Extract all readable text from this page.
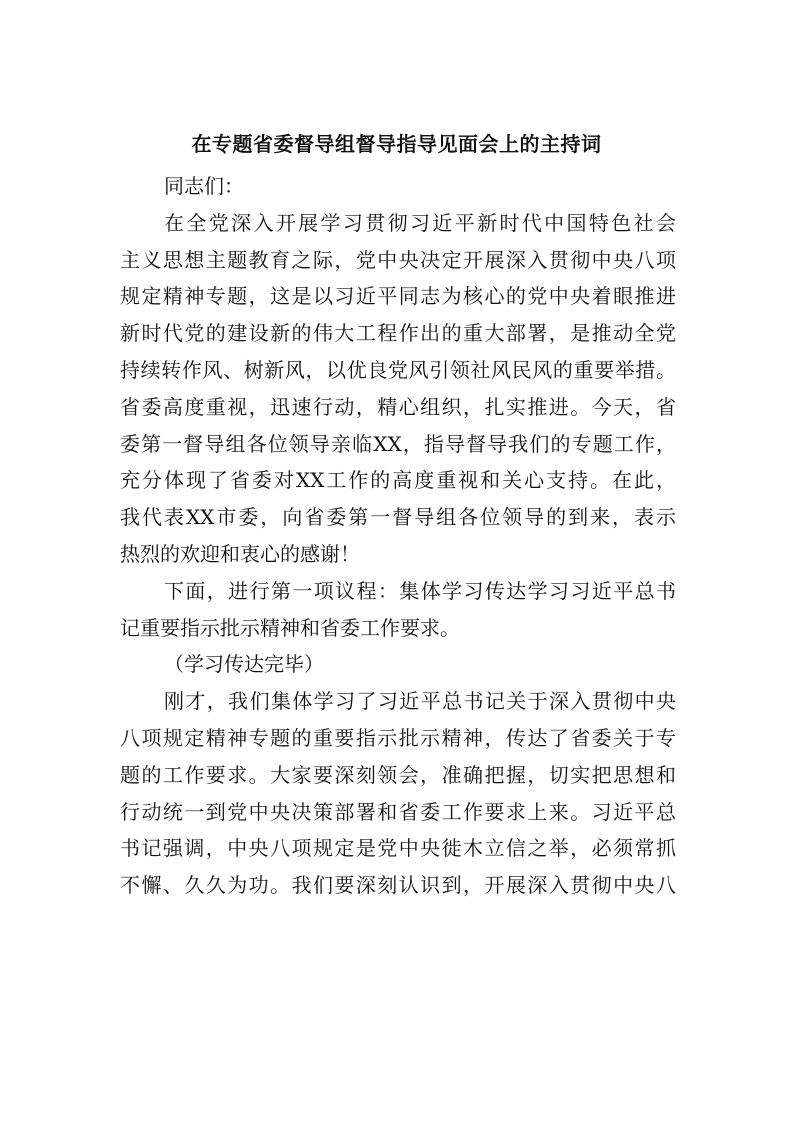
在专题省委督导组督导指导见面会上的主持词
同志们：
在全党深入开展学习贯彻习近平新时代中国特色社会
主义思想主题教育之际，党中央决定开展深入贯彻中央八项
规定精神专题，这是以习近平同志为核心的党中央着眼推进
新时代党的建设新的伟大工程作出的重大部署，是推动全党
持续转作风、树新风，以优良党风引领社风民风的重要举措。
省委高度重视，迅速行动，精心组织，扎实推进。今天，省
委第一督导组各位领导亲临XX，指导督导我们的专题工作，
充分体现了省委对XX工作的高度重视和关心支持。在此，
我代表XX市委，向省委第一督导组各位领导的到来，表示
热烈的欢迎和衷心的感谢！
下面，进行第一项议程：集体学习传达学习习近平总书
记重要指示批示精神和省委工作要求。
（学习传达完毕）
刚才，我们集体学习了习近平总书记关于深入贯彻中央
八项规定精神专题的重要指示批示精神，传达了省委关于专
题的工作要求。大家要深刻领会，准确把握，切实把思想和
行动统一到党中央决策部署和省委工作要求上来。习近平总
书记强调，中央八项规定是党中央徙木立信之举，必须常抓
不懈、久久为功。我们要深刻认识到，开展深入贯彻中央八
